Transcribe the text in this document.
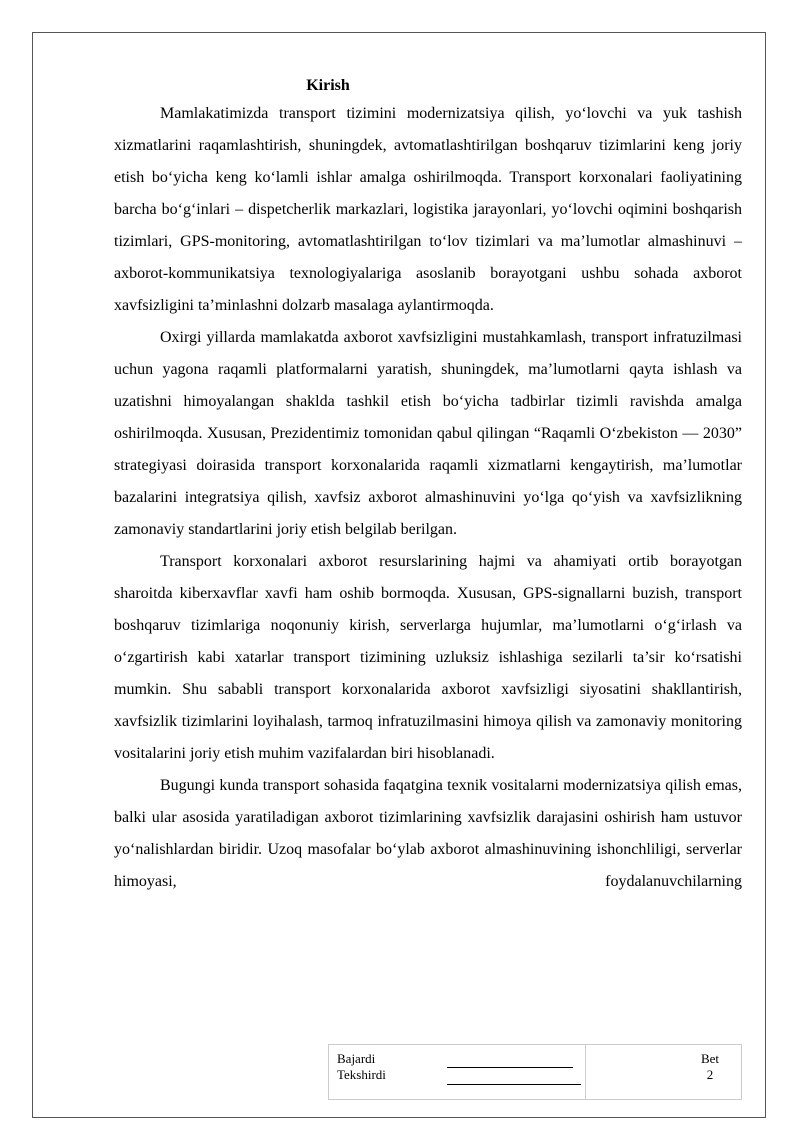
Kirish

Mamlakatimizda transport tizimini modernizatsiya qilish, yo‘lovchi va yuk tashish xizmatlarini raqamlashtirish, shuningdek, avtomatlashtirilgan boshqaruv tizimlarini keng joriy etish bo‘yicha keng ko‘lamli ishlar amalga oshirilmoqda. Transport korxonalari faoliyatining barcha bo‘g‘inlari – dispetcherlik markazlari, logistika jarayonlari, yo‘lovchi oqimini boshqarish tizimlari, GPS-monitoring, avtomatlashtirilgan to‘lov tizimlari va ma’lumotlar almashinuvi – axborot-kommunikatsiya texnologiyalariga asoslanib borayotgani ushbu sohada axborot xavfsizligini ta’minlashni dolzarb masalaga aylantirmoqda.

Oxirgi yillarda mamlakatda axborot xavfsizligini mustahkamlash, transport infratuzilmasi uchun yagona raqamli platformalarni yaratish, shuningdek, ma’lumotlarni qayta ishlash va uzatishni himoyalangan shaklda tashkil etish bo‘yicha tadbirlar tizimli ravishda amalga oshirilmoqda. Xususan, Prezidentimiz tomonidan qabul qilingan “Raqamli O‘zbekiston — 2030” strategiyasi doirasida transport korxonalarida raqamli xizmatlarni kengaytirish, ma’lumotlar bazalarini integratsiya qilish, xavfsiz axborot almashinuvini yo‘lga qo‘yish va xavfsizlikning zamonaviy standartlarini joriy etish belgilab berilgan.

Transport korxonalari axborot resurslarining hajmi va ahamiyati ortib borayotgan sharoitda kiberxavflar xavfi ham oshib bormoqda. Xususan, GPS-signallarni buzish, transport boshqaruv tizimlariga noqonuniy kirish, serverlarga hujumlar, ma’lumotlarni o‘g‘irlash va o‘zgartirish kabi xatarlar transport tizimining uzluksiz ishlashiga sezilarli ta’sir ko‘rsatishi mumkin. Shu sababli transport korxonalarida axborot xavfsizligi siyosatini shakllantirish, xavfsizlik tizimlarini loyihalash, tarmoq infratuzilmasini himoya qilish va zamonaviy monitoring vositalarini joriy etish muhim vazifalardan biri hisoblanadi.

Bugungi kunda transport sohasida faqatgina texnik vositalarni modernizatsiya qilish emas, balki ular asosida yaratiladigan axborot tizimlarining xavfsizlik darajasini oshirish ham ustuvor yo‘nalishlardan biridir. Uzoq masofalar bo‘ylab axborot almashinuvining ishonchliligi, serverlar himoyasi, foydalanuvchilarning

Bajardi
Tekshirdi
Bet
2
